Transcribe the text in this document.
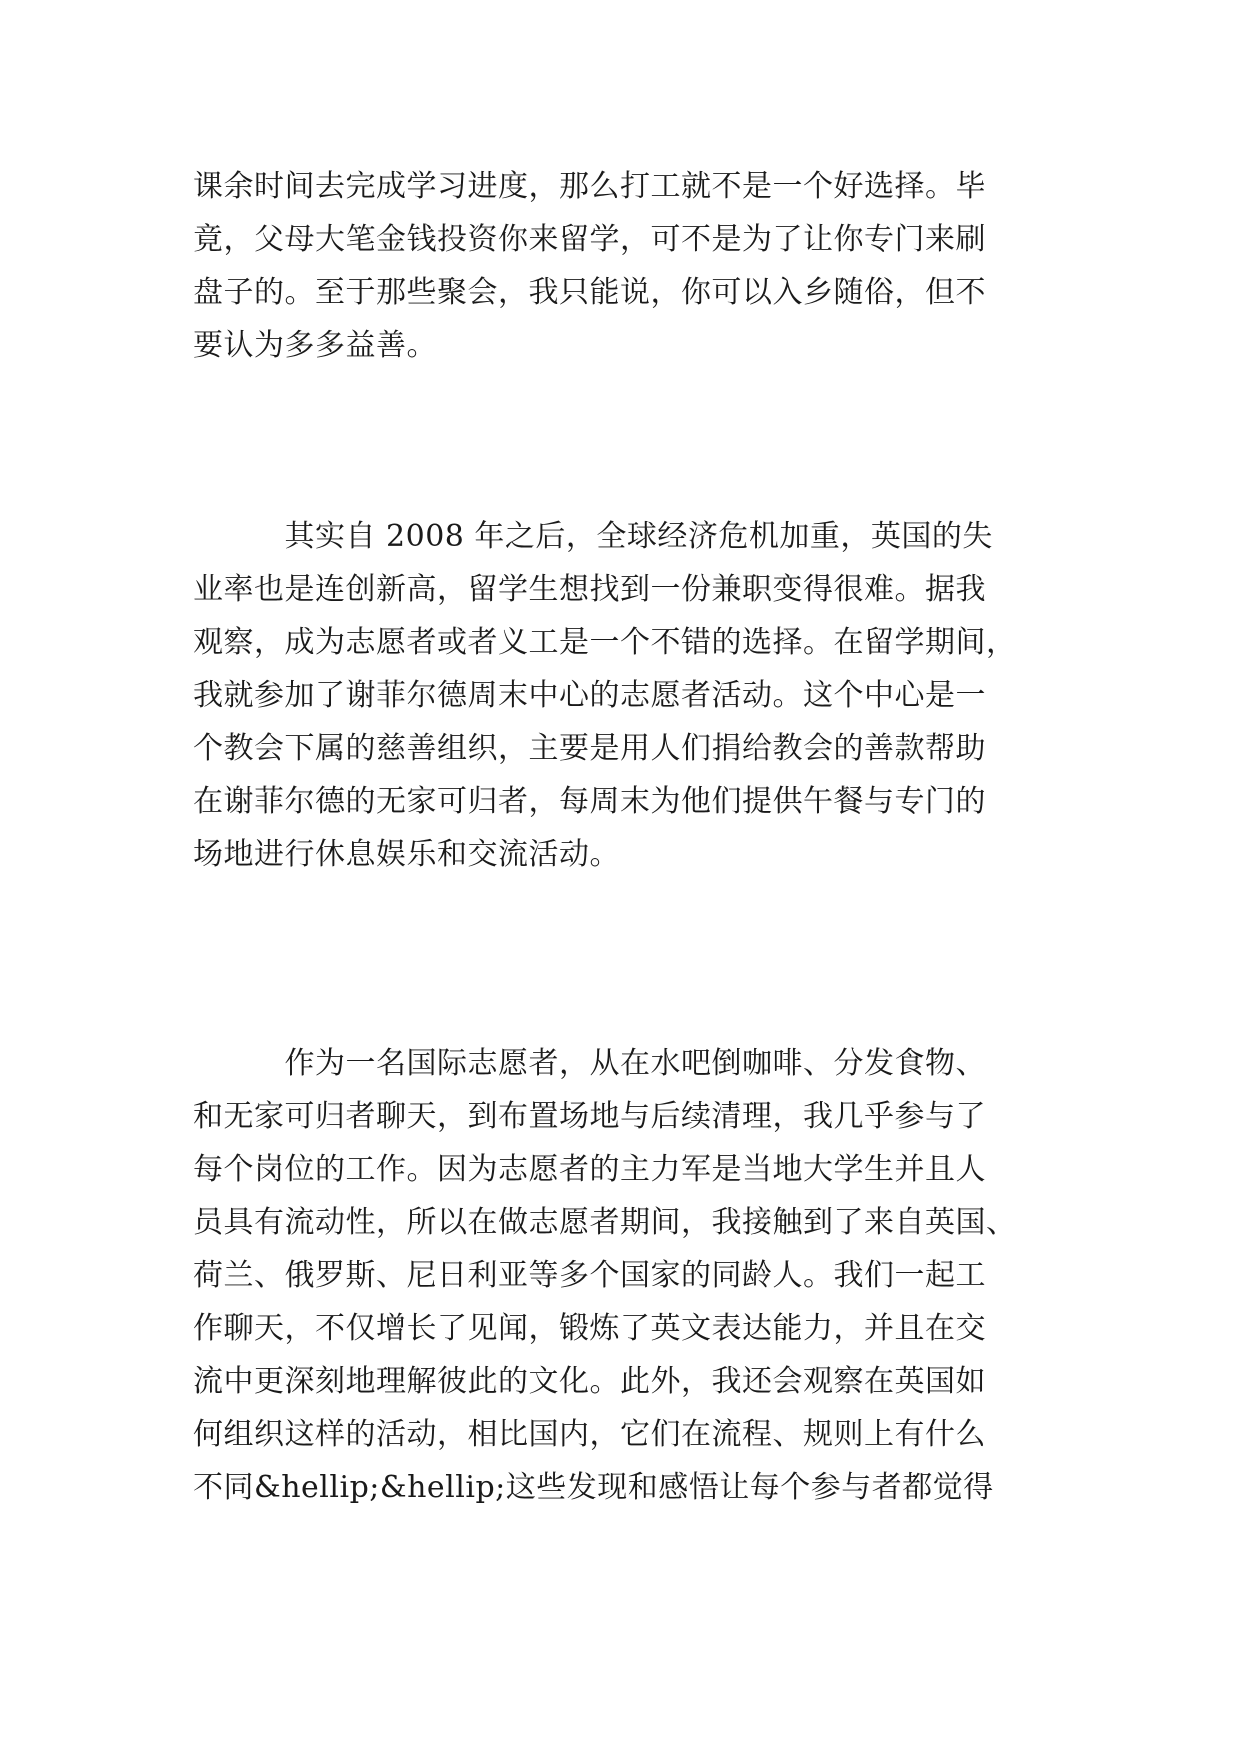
课余时间去完成学习进度，那么打工就不是一个好选择。毕
竟，父母大笔金钱投资你来留学，可不是为了让你专门来刷
盘子的。至于那些聚会，我只能说，你可以入乡随俗，但不
要认为多多益善。
　　　其实自 2008 年之后，全球经济危机加重，英国的失
业率也是连创新高，留学生想找到一份兼职变得很难。据我
观察，成为志愿者或者义工是一个不错的选择。在留学期间，
我就参加了谢菲尔德周末中心的志愿者活动。这个中心是一
个教会下属的慈善组织，主要是用人们捐给教会的善款帮助
在谢菲尔德的无家可归者，每周末为他们提供午餐与专门的
场地进行休息娱乐和交流活动。
　　　作为一名国际志愿者，从在水吧倒咖啡、分发食物、
和无家可归者聊天，到布置场地与后续清理，我几乎参与了
每个岗位的工作。因为志愿者的主力军是当地大学生并且人
员具有流动性，所以在做志愿者期间，我接触到了来自英国、
荷兰、俄罗斯、尼日利亚等多个国家的同龄人。我们一起工
作聊天，不仅增长了见闻，锻炼了英文表达能力，并且在交
流中更深刻地理解彼此的文化。此外，我还会观察在英国如
何组织这样的活动，相比国内，它们在流程、规则上有什么
不同&hellip;&hellip;这些发现和感悟让每个参与者都觉得
